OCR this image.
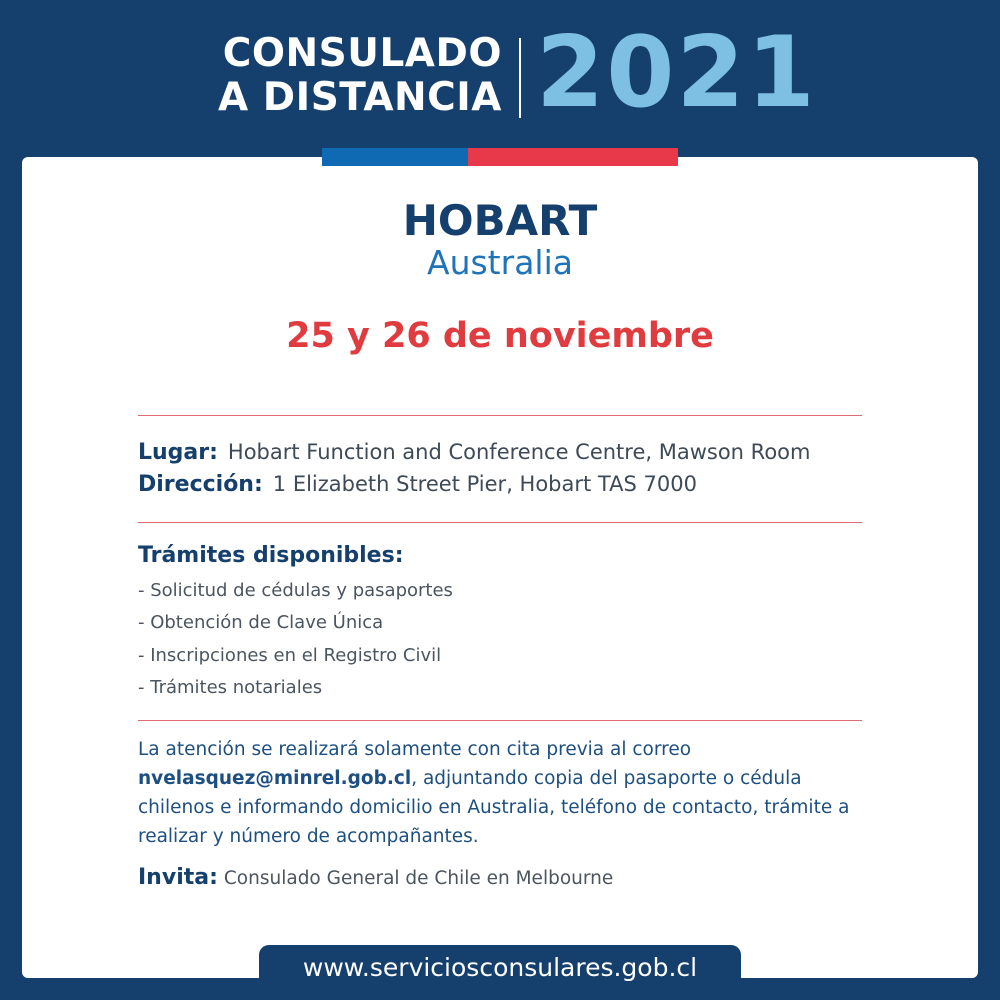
CONSULADO
A DISTANCIA 2021
HOBART
Australia
25 y 26 de noviembre
Lugar: Hobart Function and Conference Centre, Mawson Room
Dirección: 1 Elizabeth Street Pier, Hobart TAS 7000
Trámites disponibles:
- Solicitud de cédulas y pasaportes
- Obtención de Clave Única
- Inscripciones en el Registro Civil
- Trámites notariales
La atención se realizará solamente con cita previa al correo
nvelasquez@minrel.gob.cl, adjuntando copia del pasaporte o cédula chilenos e informando domicilio en Australia, teléfono de contacto, trámite a realizar y número de acompañantes.
Invita: Consulado General de Chile en Melbourne
www.serviciosconsulares.gob.cl
